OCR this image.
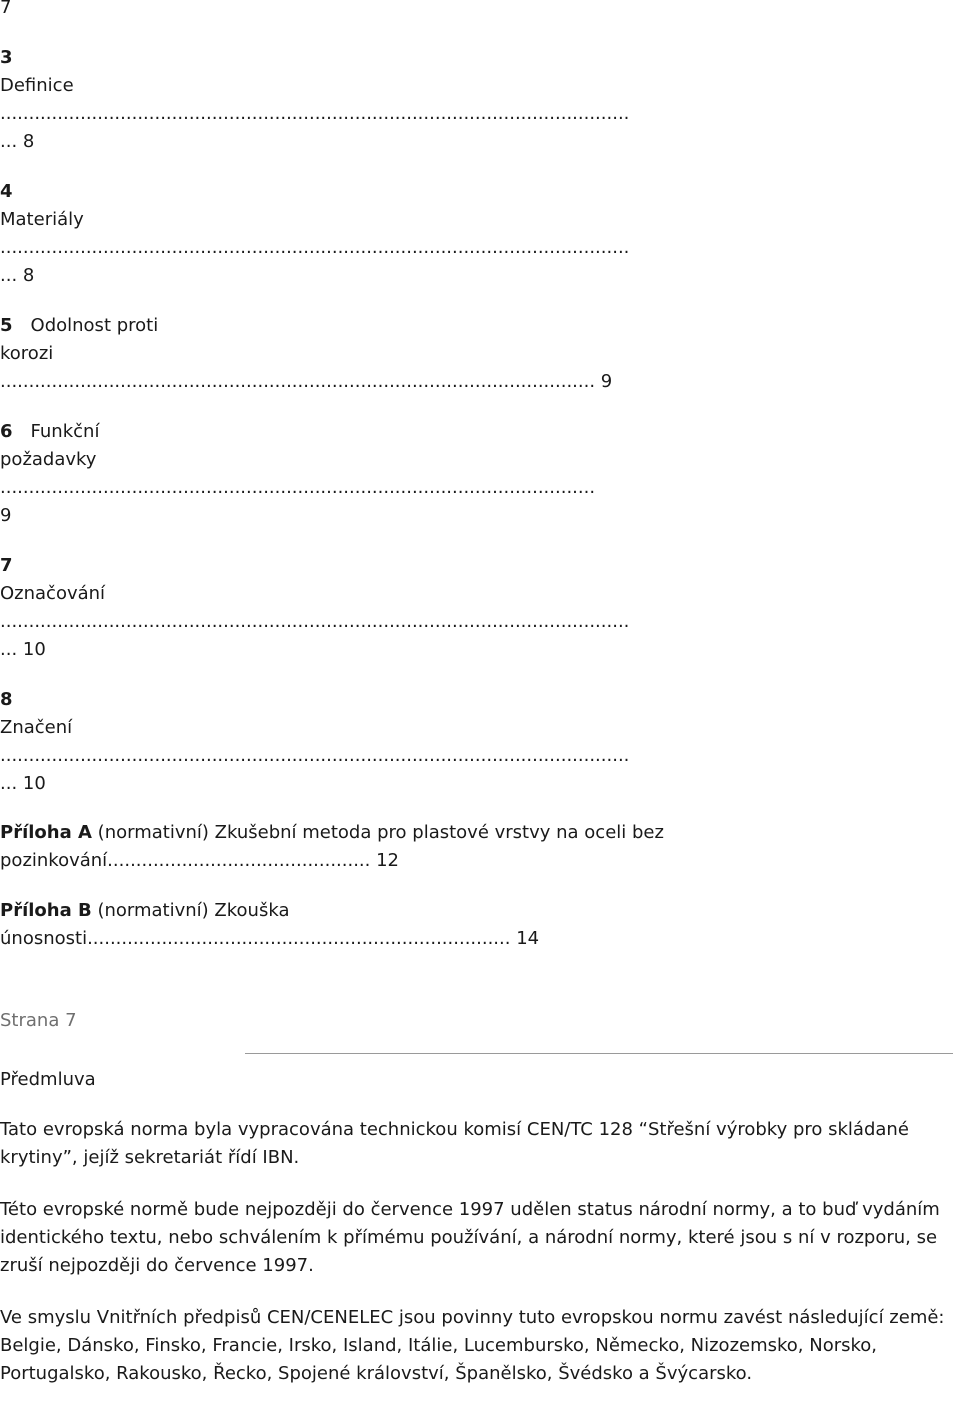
7
3
Definice
..............................................................................................................
... 8
4
Materiály
..............................................................................................................
... 8
5 Odolnost proti
korozi
........................................................................................................ 9
6 Funkční
požadavky
........................................................................................................
9
7
Označování
..............................................................................................................
... 10
8
Značení
..............................................................................................................
... 10
Příloha A (normativní) Zkušební metoda pro plastové vrstvy na oceli bez
pozinkování.............................................. 12
Příloha B (normativní) Zkouška
únosnosti.......................................................................... 14
Strana 7
Předmluva

Tato evropská norma byla vypracována technickou komisí CEN/TC 128 “Střešní výrobky pro skládané krytiny”, jejíž sekretariát řídí IBN.

Této evropské normě bude nejpozději do července 1997 udělen status národní normy, a to buď vydáním identického textu, nebo schválením k přímému používání, a národní normy, které jsou s ní v rozporu, se zruší nejpozději do července 1997.

Ve smyslu Vnitřních předpisů CEN/CENELEC jsou povinny tuto evropskou normu zavést následující země: Belgie, Dánsko, Finsko, Francie, Irsko, Island, Itálie, Lucembursko, Německo, Nizozemsko, Norsko, Portugalsko, Rakousko, Řecko, Spojené království, Španělsko, Švédsko a Švýcarsko.
